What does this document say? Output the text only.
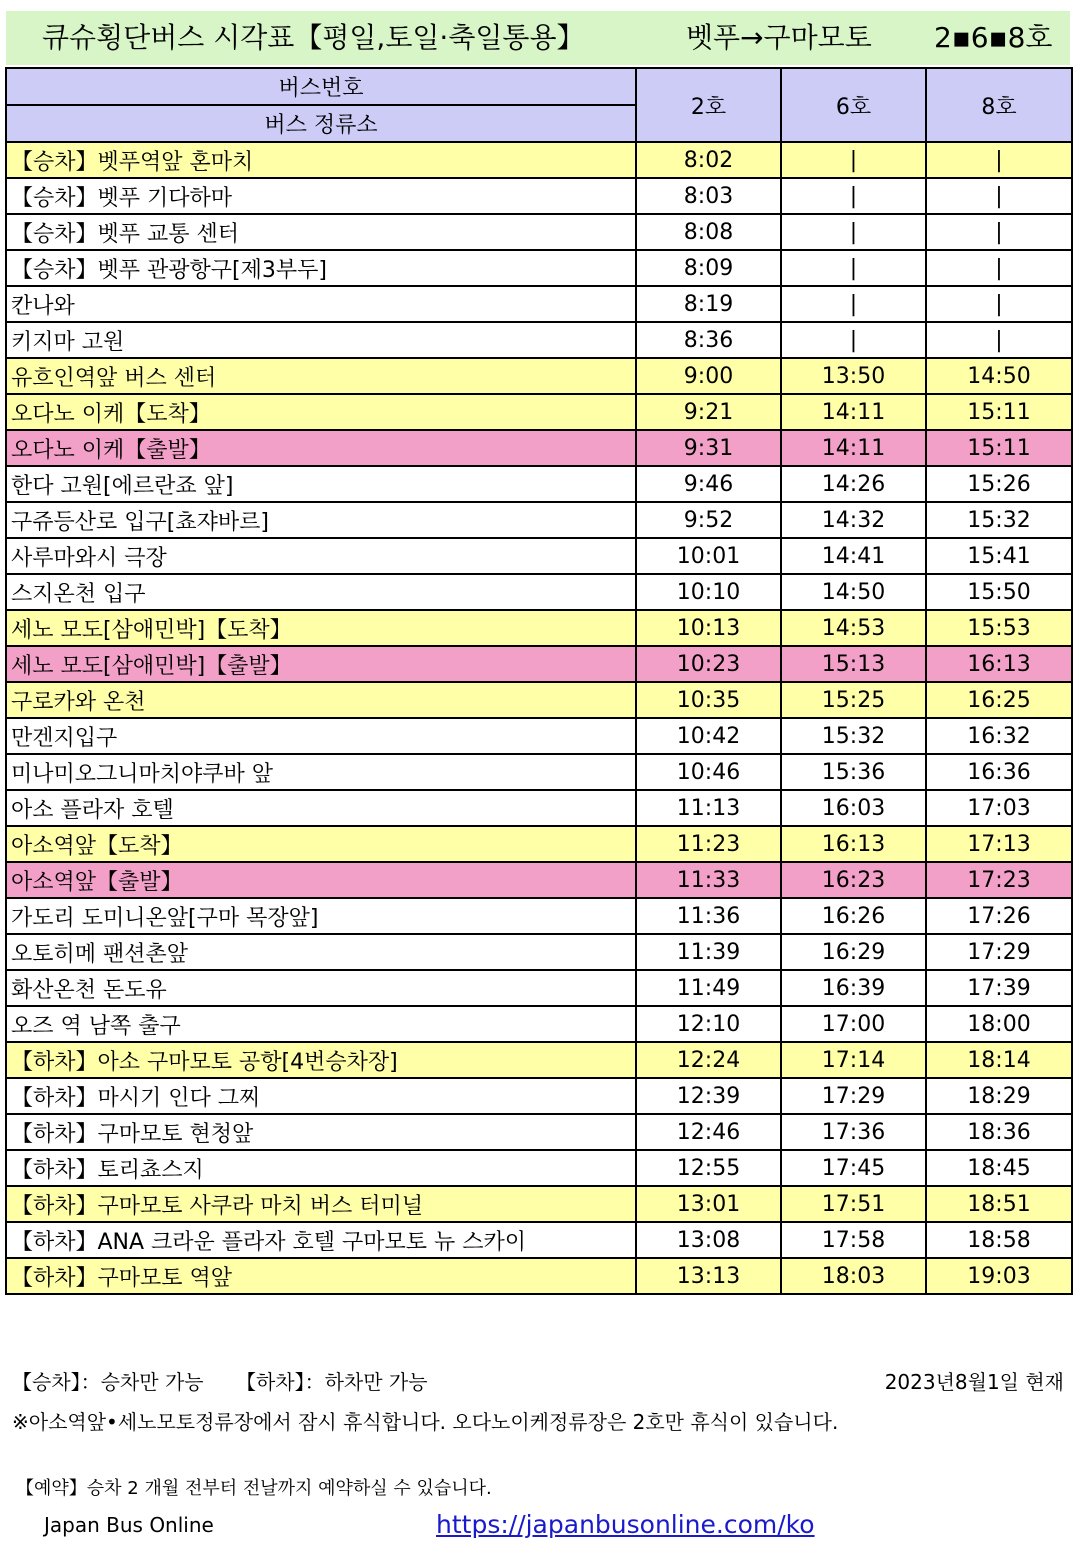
큐슈횡단버스 시각표【평일,토일·축일통용】	벳푸→구마모토 2▪6▪8호
버스번호	2호	6호	8호
버스 정류소			
【승차】벳푸역앞 혼마치	8:02	|	|
【승차】벳푸 기다하마	8:03	|	|
【승차】벳푸 교통 센터	8:08	|	|
【승차】벳푸 관광항구[제3부두]	8:09	|	|
칸나와	8:19	|	|
키지마 고원	8:36	|	|
유흐인역앞 버스 센터	9:00	13:50	14:50
오다노 이케【도착】	9:21	14:11	15:11
오다노 이케【출발】	9:31	14:11	15:11
한다 고원[에르란죠 앞]	9:46	14:26	15:26
구쥬등산로 입구[쵸쟈바르]	9:52	14:32	15:32
사루마와시 극장	10:01	14:41	15:41
스지온천 입구	10:10	14:50	15:50
세노 모도[삼애민박]【도착】	10:13	14:53	15:53
세노 모도[삼애민박]【출발】	10:23	15:13	16:13
구로카와 온천	10:35	15:25	16:25
만겐지입구	10:42	15:32	16:32
미나미오그니마치야쿠바 앞	10:46	15:36	16:36
아소 플라자 호텔	11:13	16:03	17:03
아소역앞【도착】	11:23	16:13	17:13
아소역앞【출발】	11:33	16:23	17:23
가도리 도미니온앞[구마 목장앞]	11:36	16:26	17:26
오토히메 팬션촌앞	11:39	16:29	17:29
화산온천 돈도유	11:49	16:39	17:39
오즈 역 남쪽 출구	12:10	17:00	18:00
【하차】아소 구마모토 공항[4번승차장]	12:24	17:14	18:14
【하차】마시기 인다 그찌	12:39	17:29	18:29
【하차】구마모토 현청앞	12:46	17:36	18:36
【하차】토리쵸스지	12:55	17:45	18:45
【하차】구마모토 사쿠라 마치 버스 터미널	13:01	17:51	18:51
【하차】ANA 크라운 플라자 호텔 구마모토 뉴 스카이	13:08	17:58	18:58
【하차】구마모토 역앞	13:13	18:03	19:03
【승차】：승차만 가능 【하차】：하차만 가능	2023년8월1일 현재
※아소역앞•세노모토정류장에서 잠시 휴식합니다. 오다노이케정류장은 2호만 휴식이 있습니다.
【예약】승차 2 개월 전부터 전날까지 예약하실 수 있습니다.
Japan Bus Online	https://japanbusonline.com/ko
